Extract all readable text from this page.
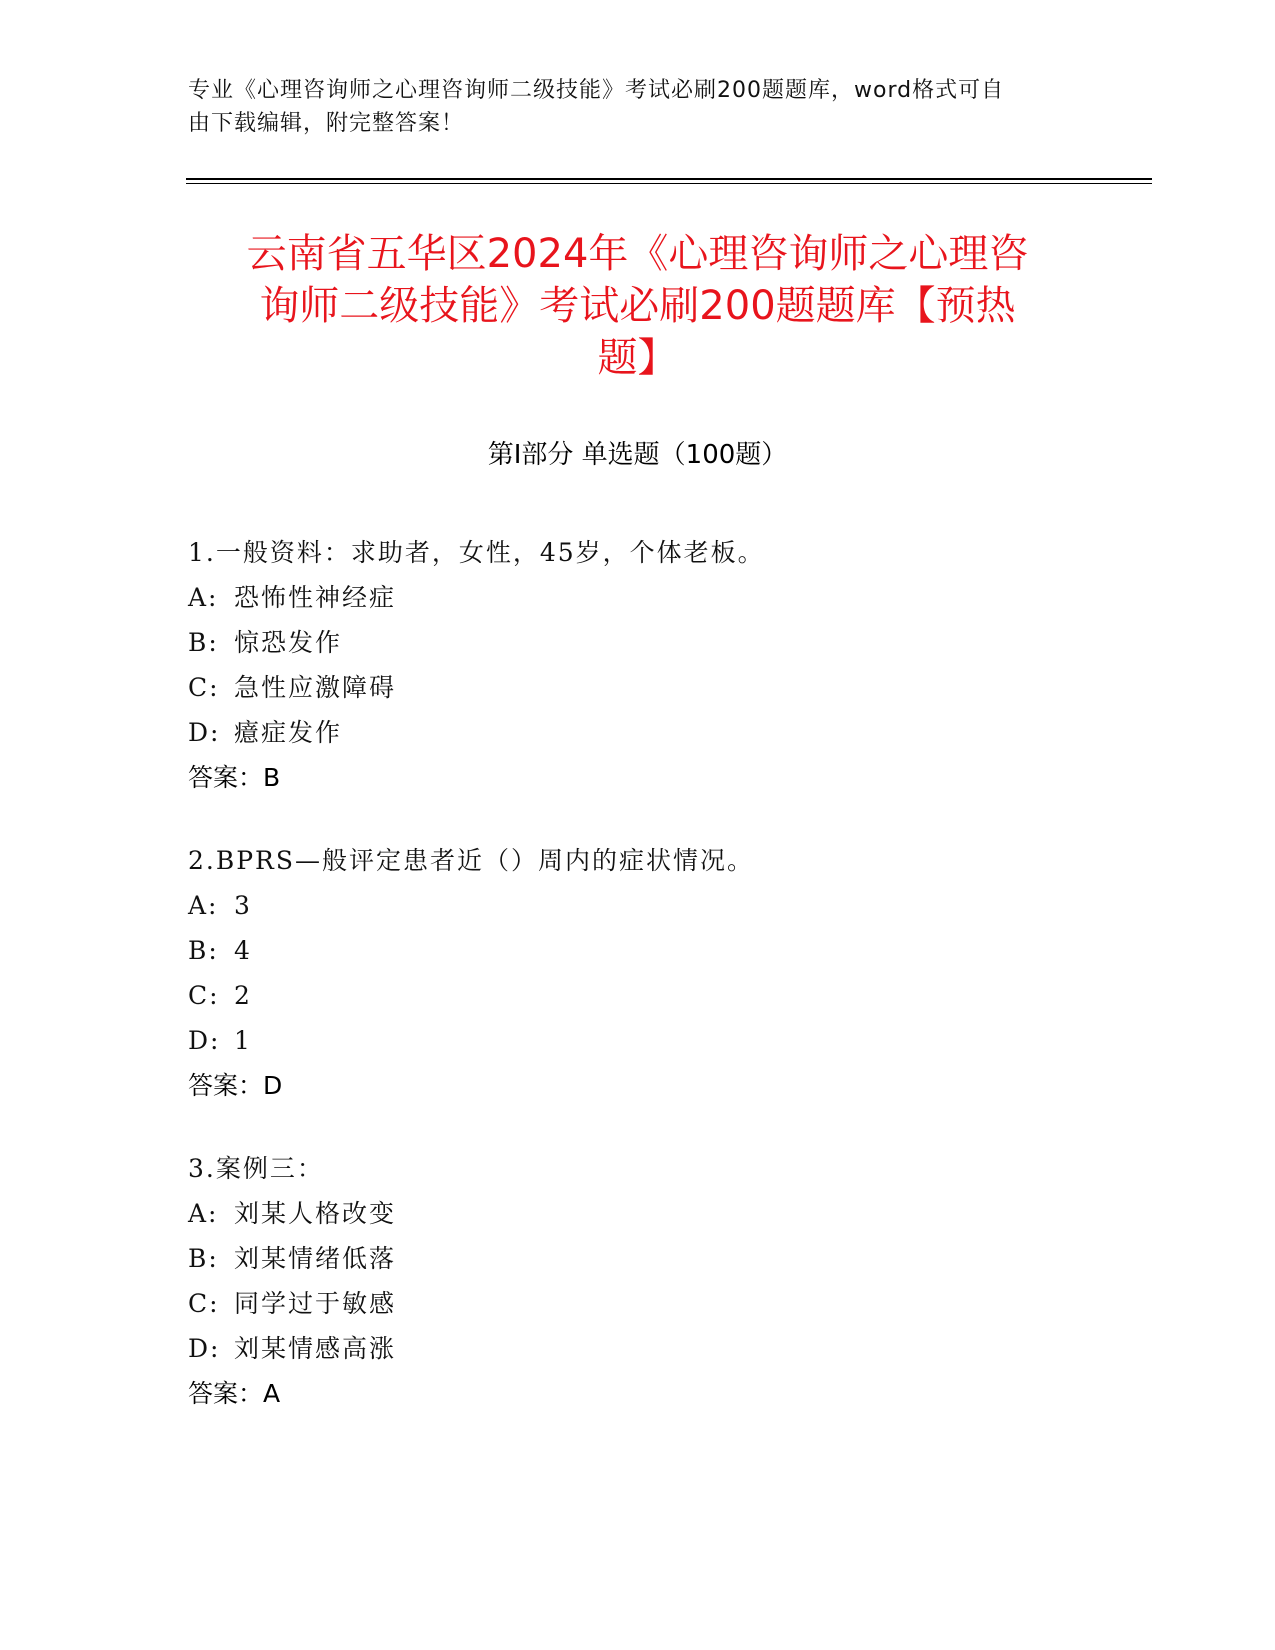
专业《心理咨询师之心理咨询师二级技能》考试必刷200题题库，word格式可自
由下载编辑，附完整答案！
云南省五华区2024年《心理咨询师之心理咨
询师二级技能》考试必刷200题题库【预热
题】
第I部分 单选题（100题）
1.一般资料：求助者，女性，45岁，个体老板。
A: 恐怖性神经症
B: 惊恐发作
C: 急性应激障碍
D: 癔症发作
答案：B
2.BPRS—般评定患者近（）周内的症状情况。
A: 3
B: 4
C: 2
D: 1
答案：D
3.案例三：
A: 刘某人格改变
B: 刘某情绪低落
C: 同学过于敏感
D: 刘某情感高涨
答案：A
